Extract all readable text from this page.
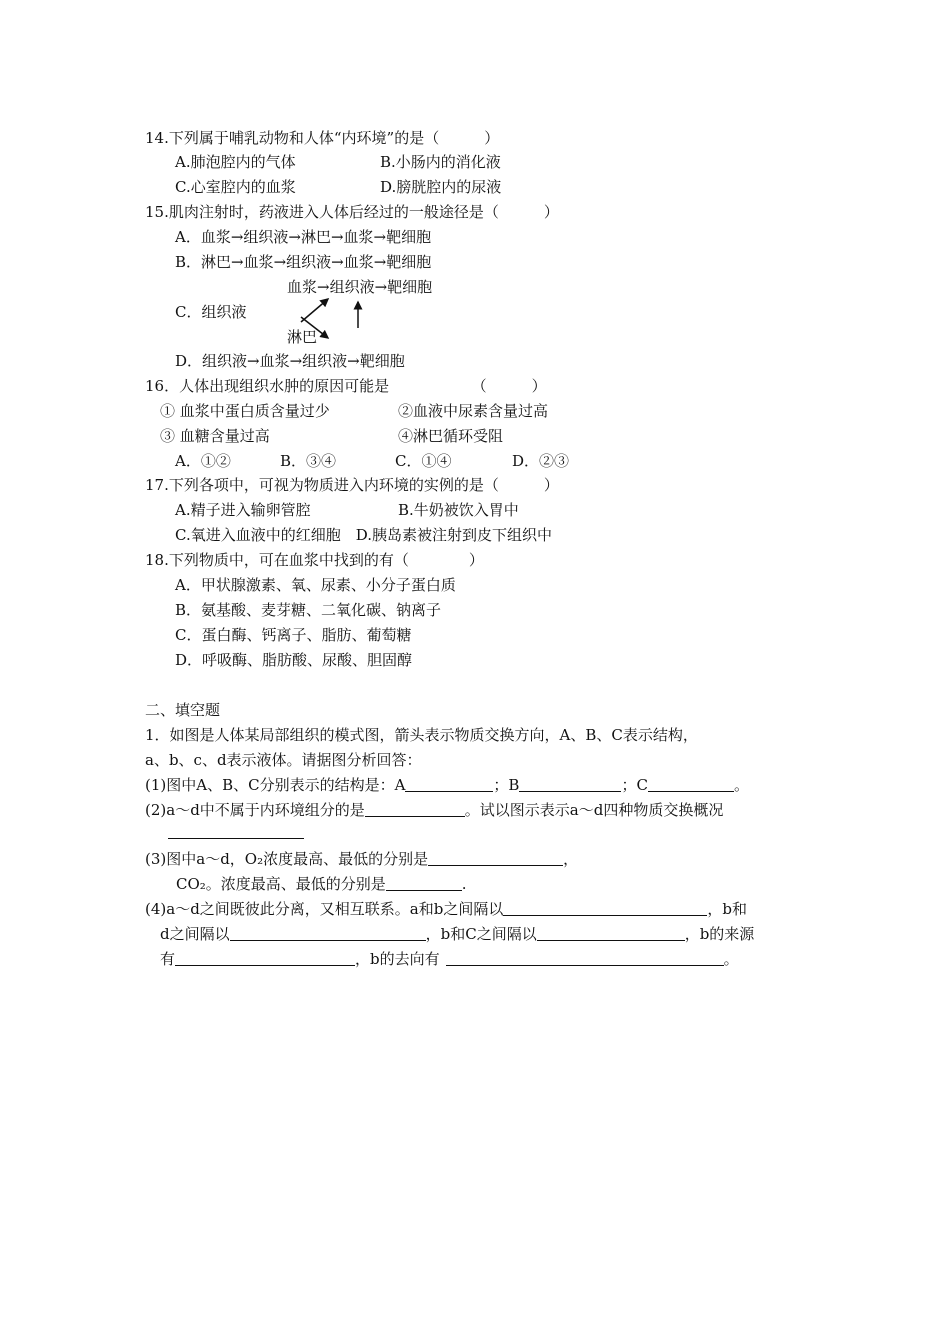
14.下列属于哺乳动物和人体“内环境”的是（　　　）
A.肺泡腔内的气体	B.小肠内的消化液
C.心室腔内的血浆	D.膀胱腔内的尿液
15.肌肉注射时，药液进入人体后经过的一般途径是（　　　）
A．血浆→组织液→淋巴→血浆→靶细胞
B．淋巴→血浆→组织液→血浆→靶细胞
血浆→组织液→靶细胞
C．组织液
淋巴
D．组织液→血浆→组织液→靶细胞
16．人体出现组织水肿的原因可能是　　　　　　（　　　）
① 血浆中蛋白质含量过少	②血液中尿素含量过高
③ 血糖含量过高	④淋巴循环受阻
A．①②	B．③④	C．①④	D．②③
17.下列各项中，可视为物质进入内环境的实例的是（　　　）
A.精子进入输卵管腔	B.牛奶被饮入胃中
C.氧进入血液中的红细胞　D.胰岛素被注射到皮下组织中
18.下列物质中，可在血浆中找到的有（　　　　）
A．甲状腺激素、氧、尿素、小分子蛋白质
B．氨基酸、麦芽糖、二氧化碳、钠离子
C．蛋白酶、钙离子、脂肪、葡萄糖
D．呼吸酶、脂肪酸、尿酸、胆固醇
二、填空题
1．如图是人体某局部组织的模式图，箭头表示物质交换方向，A、B、C表示结构，
a、b、c、d表示液体。请据图分析回答：
(1)图中A、B、C分别表示的结构是：A	；B	；C	。
(2)a～d中不属于内环境组分的是	。试以图示表示a～d四种物质交换概况
(3)图中a～d，O₂浓度最高、最低的分别是	，
CO₂。浓度最高、最低的分别是	.
(4)a～d之间既彼此分离，又相互联系。a和b之间隔以	，b和
d之间隔以	，b和C之间隔以	，b的来源
有	，b的去向有	。
